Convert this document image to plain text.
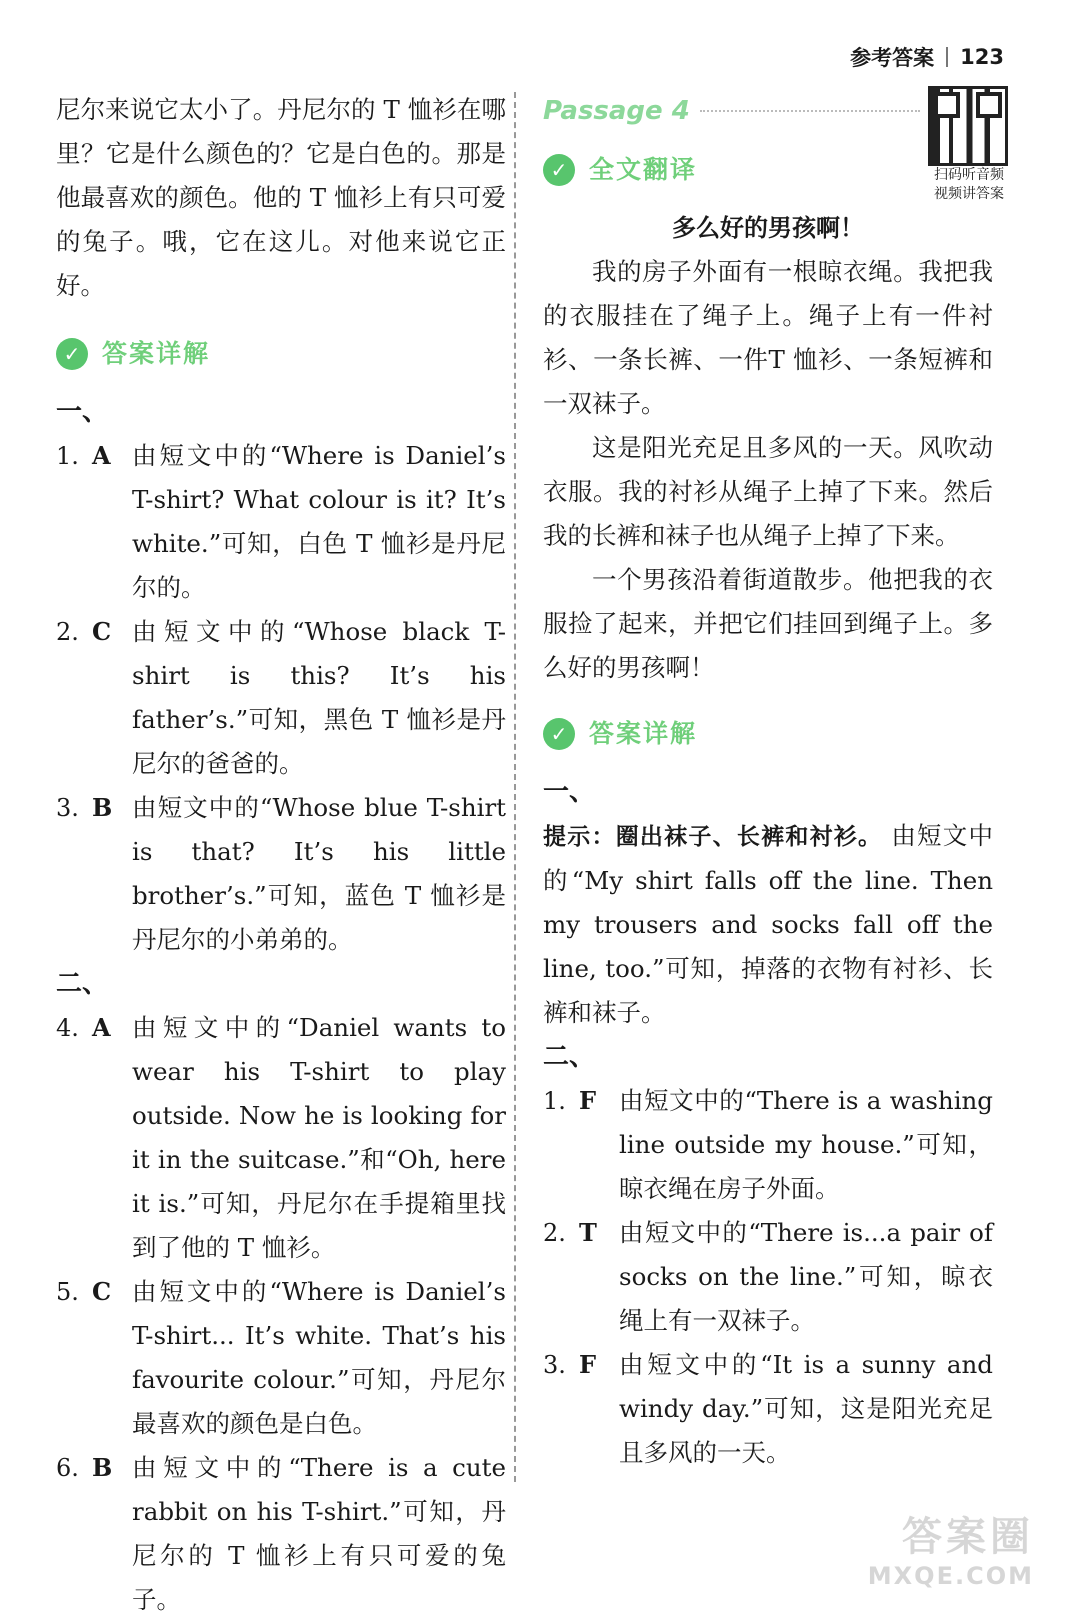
参考答案 123

尼尔来说它太小了。丹尼尔的 T 恤衫在哪里？它是什么颜色的？它是白色的。那是他最喜欢的颜色。他的 T 恤衫上有只可爱的兔子。哦，它在这儿。对他来说它正好。

✓ 答案详解

一、

1. A 由短文中的“Where is Daniel’s T-shirt? What colour is it? It’s white.”可知，白色 T 恤衫是丹尼尔的。
2. C 由短文中的“Whose black T-shirt is this? It’s his father’s.”可知，黑色 T 恤衫是丹尼尔的爸爸的。
3. B 由短文中的“Whose blue T-shirt is that? It’s his little brother’s.”可知，蓝色 T 恤衫是丹尼尔的小弟弟的。

二、

4. A 由短文中的“Daniel wants to wear his T-shirt to play outside. Now he is looking for it in the suitcase.”和“Oh, here it is.”可知，丹尼尔在手提箱里找到了他的 T 恤衫。
5. C 由短文中的“Where is Daniel’s T-shirt... It’s white. That’s his favourite colour.”可知，丹尼尔最喜欢的颜色是白色。
6. B 由短文中的“There is a cute rabbit on his T-shirt.”可知，丹尼尔的 T 恤衫上有只可爱的兔子。
扫码听音频
视频讲答案
Passage 4
✓ 全文翻译

多么好的男孩啊！

我的房子外面有一根晾衣绳。我把我的衣服挂在了绳子上。绳子上有一件衬衫、一条长裤、一件T 恤衫、一条短裤和一双袜子。

这是阳光充足且多风的一天。风吹动衣服。我的衬衫从绳子上掉了下来。然后我的长裤和袜子也从绳子上掉了下来。

一个男孩沿着街道散步。他把我的衣服捡了起来，并把它们挂回到绳子上。多么好的男孩啊！

✓ 答案详解

一、

提示：圈出袜子、长裤和衬衫。 由短文中的“My shirt falls off the line. Then my trousers and socks fall off the line, too.”可知，掉落的衣物有衬衫、长裤和袜子。

二、

1. F 由短文中的“There is a washing line outside my house.”可知，晾衣绳在房子外面。
2. T 由短文中的“There is...a pair of socks on the line.”可知，晾衣绳上有一双袜子。
3. F 由短文中的“It is a sunny and windy day.”可知，这是阳光充足且多风的一天。
答案圈
MXQE.COM
